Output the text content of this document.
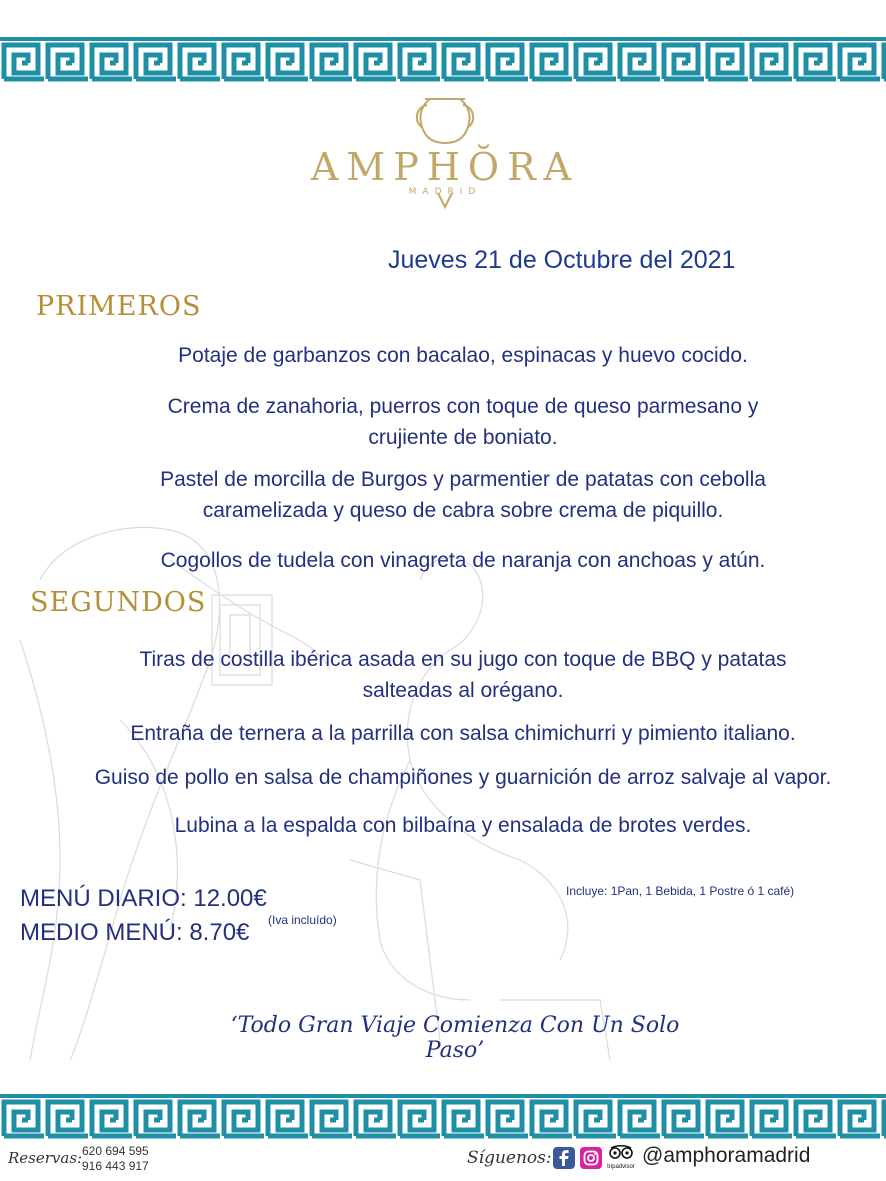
AMPHŎRA
MADRID
Jueves 21 de Octubre del 2021
PRIMEROS
Potaje de garbanzos con bacalao, espinacas y huevo cocido.
Crema de zanahoria, puerros con toque de queso parmesano y
crujiente de boniato.
Pastel de morcilla de Burgos y parmentier de patatas con cebolla
caramelizada y queso de cabra sobre crema de piquillo.
Cogollos de tudela con vinagreta de naranja con anchoas y atún.
SEGUNDOS
Tiras de costilla ibérica asada en su jugo con toque de BBQ y patatas
salteadas al orégano.
Entraña de ternera a la parrilla con salsa chimichurri y pimiento italiano.
Guiso de pollo en salsa de champiñones y guarnición de arroz salvaje al vapor.
Lubina a la espalda con bilbaína y ensalada de brotes verdes.
MENÚ DIARIO: 12.00€
MEDIO MENÚ: 8.70€ (Iva incluído)
Incluye: 1Pan, 1 Bebida, 1 Postre ó 1 café)
‘Todo Gran Viaje Comienza Con Un Solo Paso’
Reservas: 620 694 595
916 443 917	Síguenos:	tripadvisor @amphoramadrid
